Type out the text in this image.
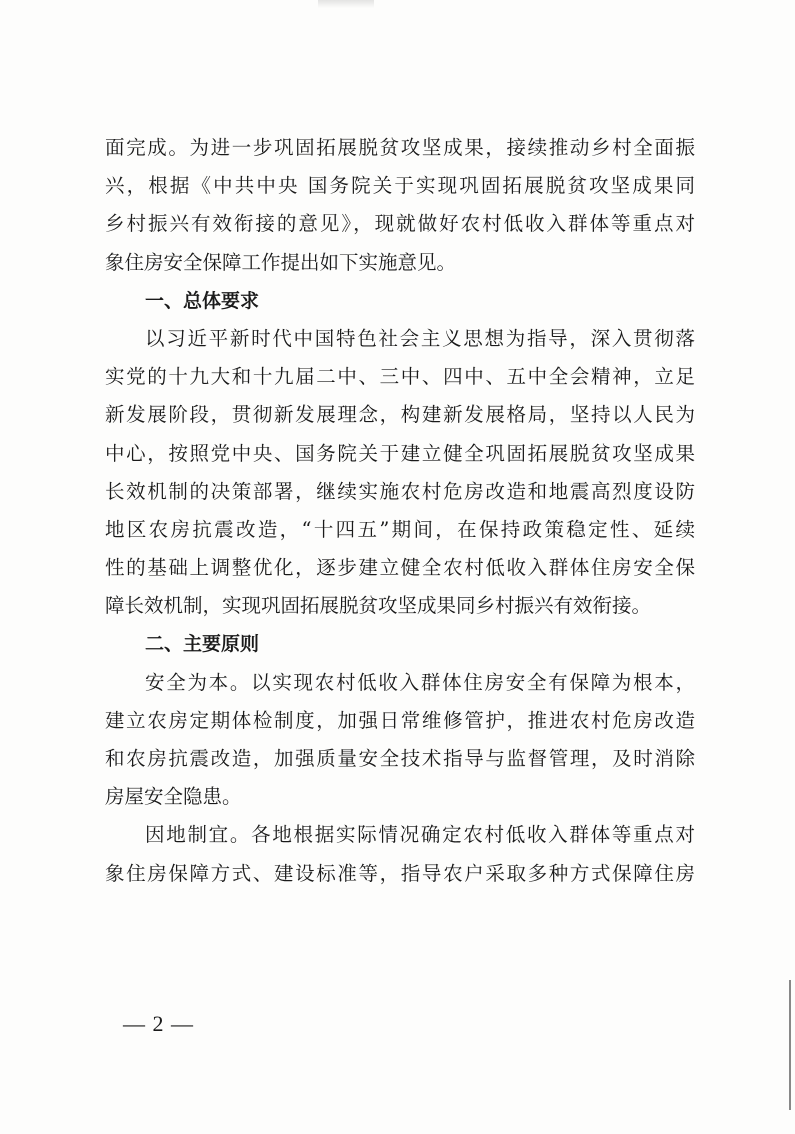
面完成。为进一步巩固拓展脱贫攻坚成果，接续推动乡村全面振
兴，根据《中共中央 国务院关于实现巩固拓展脱贫攻坚成果同
乡村振兴有效衔接的意见》，现就做好农村低收入群体等重点对
象住房安全保障工作提出如下实施意见。
一、总体要求
以习近平新时代中国特色社会主义思想为指导，深入贯彻落
实党的十九大和十九届二中、三中、四中、五中全会精神，立足
新发展阶段，贯彻新发展理念，构建新发展格局，坚持以人民为
中心，按照党中央、国务院关于建立健全巩固拓展脱贫攻坚成果
长效机制的决策部署，继续实施农村危房改造和地震高烈度设防
地区农房抗震改造，“十四五”期间，在保持政策稳定性、延续
性的基础上调整优化，逐步建立健全农村低收入群体住房安全保
障长效机制，实现巩固拓展脱贫攻坚成果同乡村振兴有效衔接。
二、主要原则
安全为本。以实现农村低收入群体住房安全有保障为根本，
建立农房定期体检制度，加强日常维修管护，推进农村危房改造
和农房抗震改造，加强质量安全技术指导与监督管理，及时消除
房屋安全隐患。
因地制宜。各地根据实际情况确定农村低收入群体等重点对
象住房保障方式、建设标准等，指导农户采取多种方式保障住房
— 2 —
